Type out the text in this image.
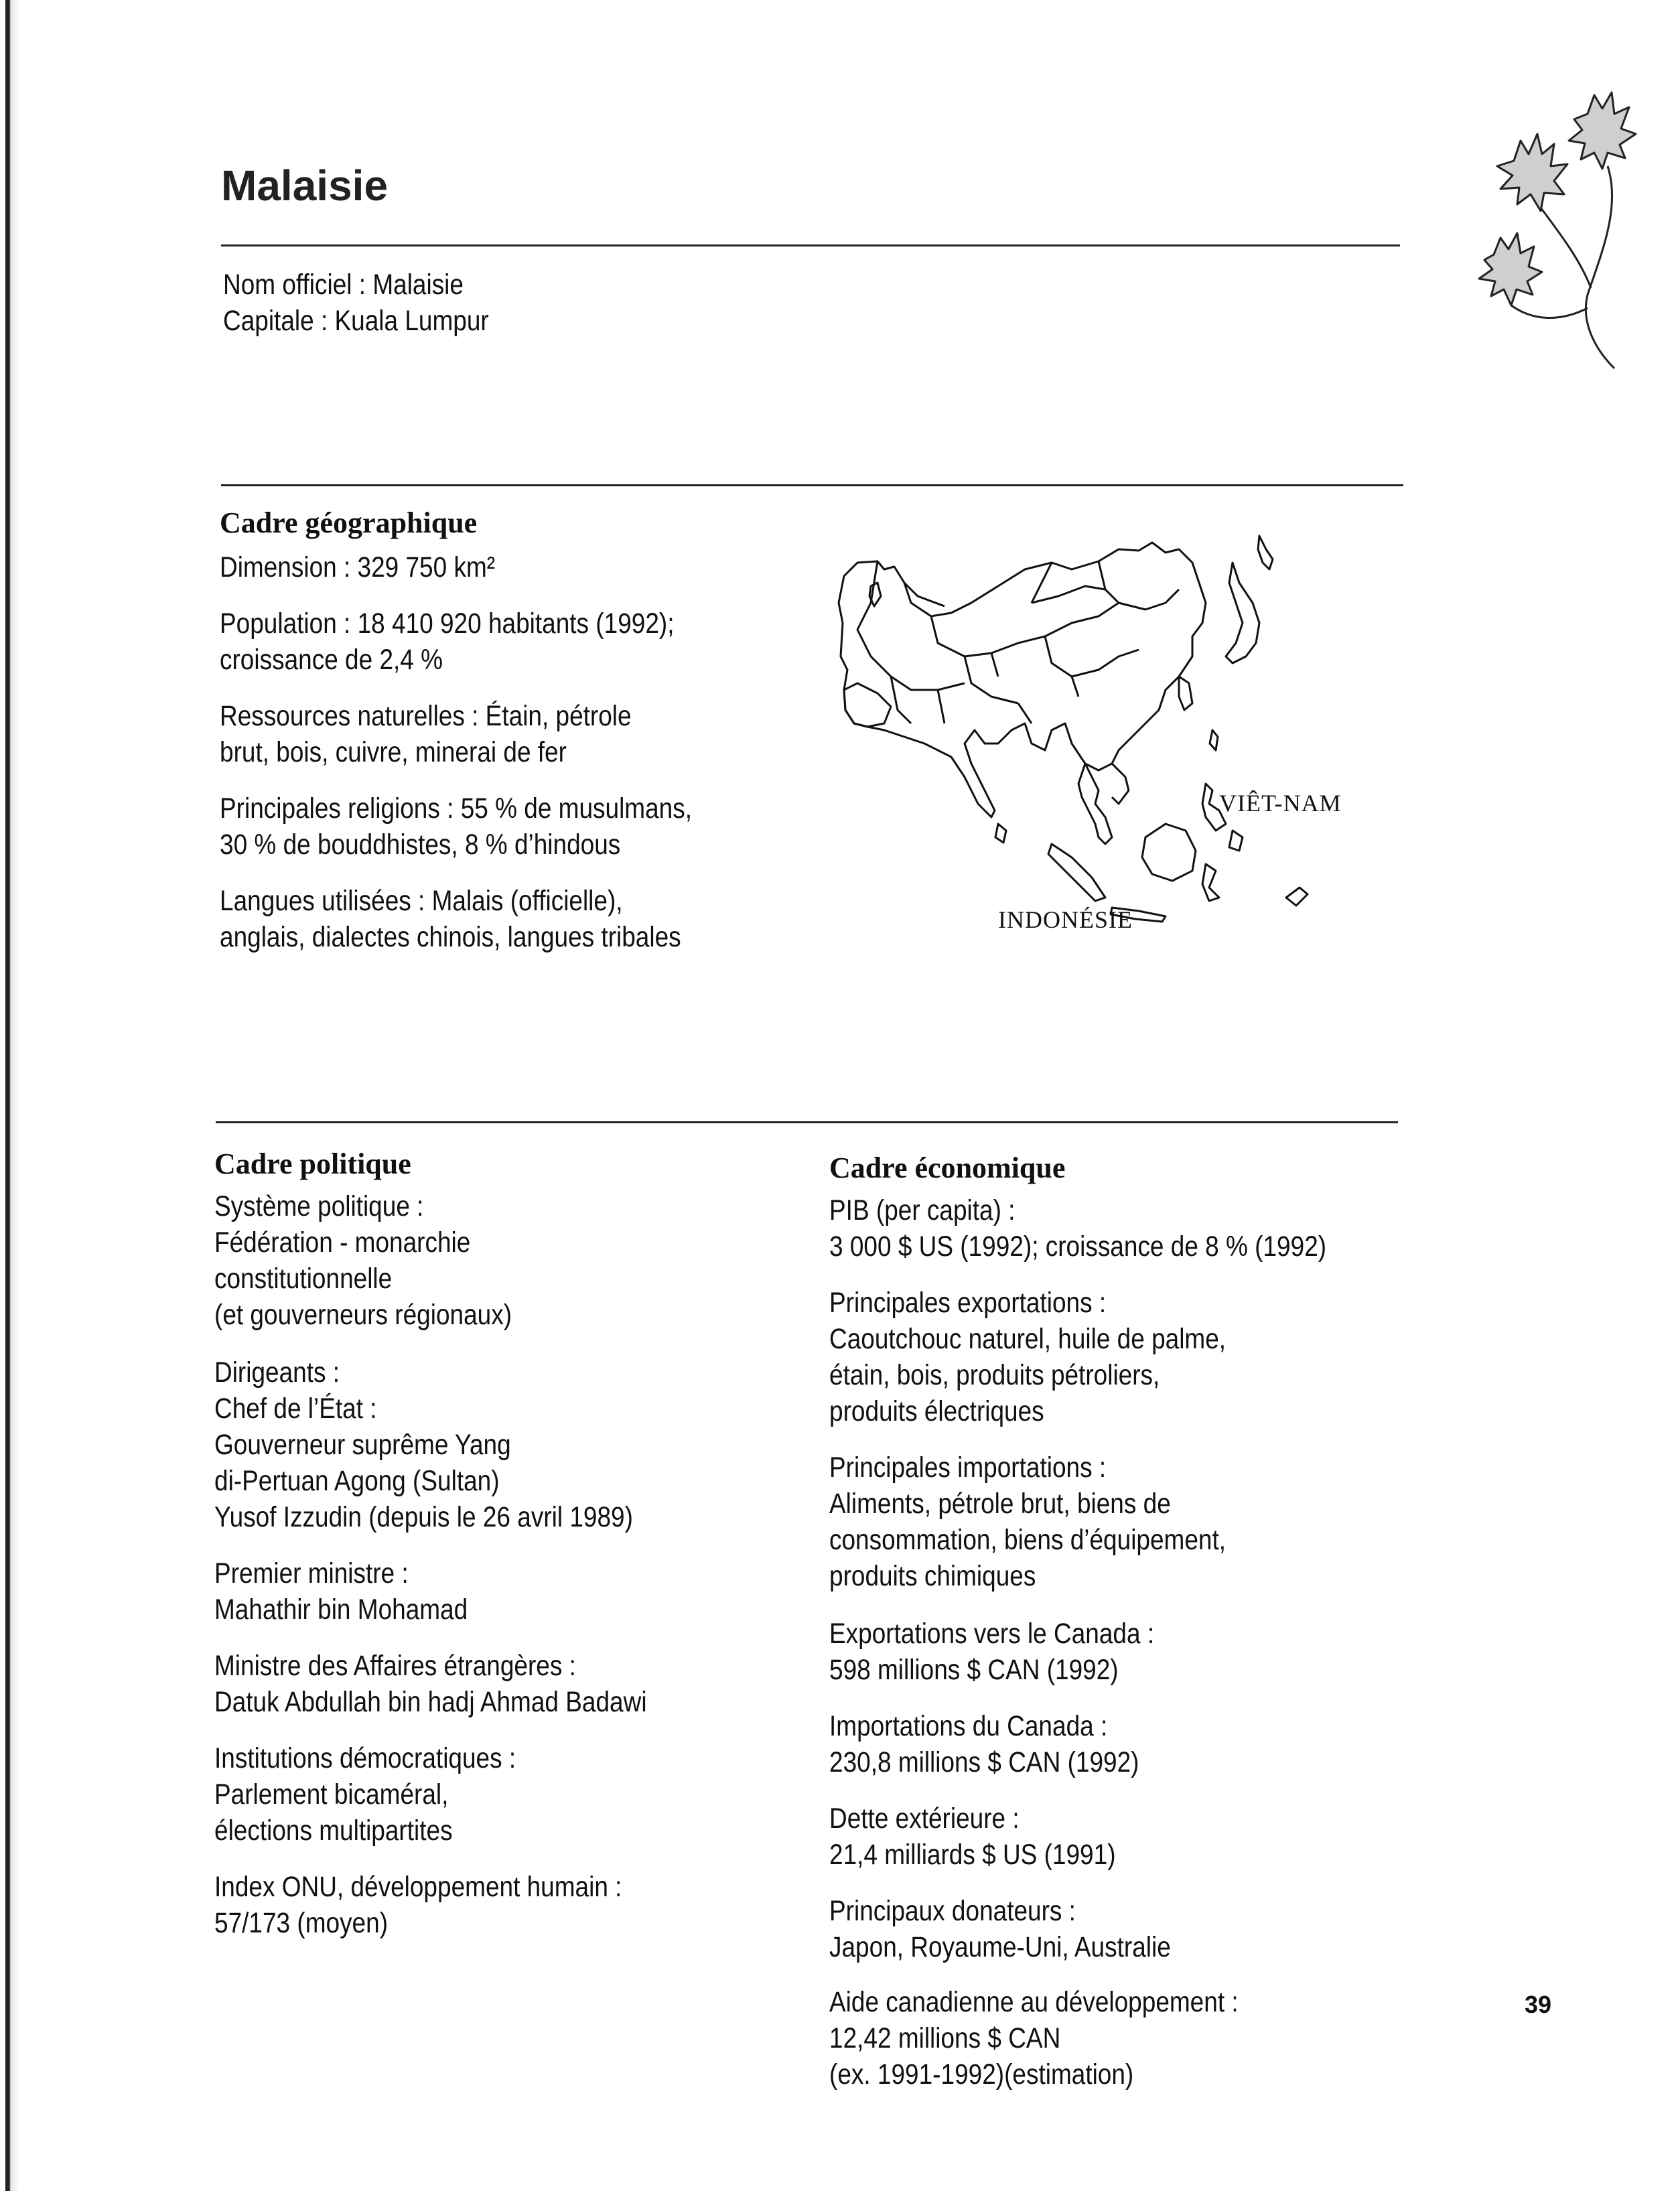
Malaisie
Nom officiel : Malaisie
Capitale : Kuala Lumpur
Cadre géographique
Dimension : 329 750 km²
Population : 18 410 920 habitants (1992);
croissance de 2,4 %
Ressources naturelles : Étain, pétrole
brut, bois, cuivre, minerai de fer
Principales religions : 55 % de musulmans,
30 % de bouddhistes, 8 % d’hindous
Langues utilisées : Malais (officielle),
anglais, dialectes chinois, langues tribales
VIÊT-NAM
INDONÉSIE
Cadre politique
Système politique :
Fédération - monarchie
constitutionnelle
(et gouverneurs régionaux)
Dirigeants :
Chef de l’État :
Gouverneur suprême Yang
di-Pertuan Agong (Sultan)
Yusof Izzudin (depuis le 26 avril 1989)
Premier ministre :
Mahathir bin Mohamad
Ministre des Affaires étrangères :
Datuk Abdullah bin hadj Ahmad Badawi
Institutions démocratiques :
Parlement bicaméral,
élections multipartites
Index ONU, développement humain :
57/173 (moyen)
Cadre économique
PIB (per capita) :
3 000 $ US (1992); croissance de 8 % (1992)
Principales exportations :
Caoutchouc naturel, huile de palme,
étain, bois, produits pétroliers,
produits électriques
Principales importations :
Aliments, pétrole brut, biens de
consommation, biens d’équipement,
produits chimiques
Exportations vers le Canada :
598 millions $ CAN (1992)
Importations du Canada :
230,8 millions $ CAN (1992)
Dette extérieure :
21,4 milliards $ US (1991)
Principaux donateurs :
Japon, Royaume-Uni, Australie
Aide canadienne au développement :
12,42 millions $ CAN
(ex. 1991-1992)(estimation)
39
